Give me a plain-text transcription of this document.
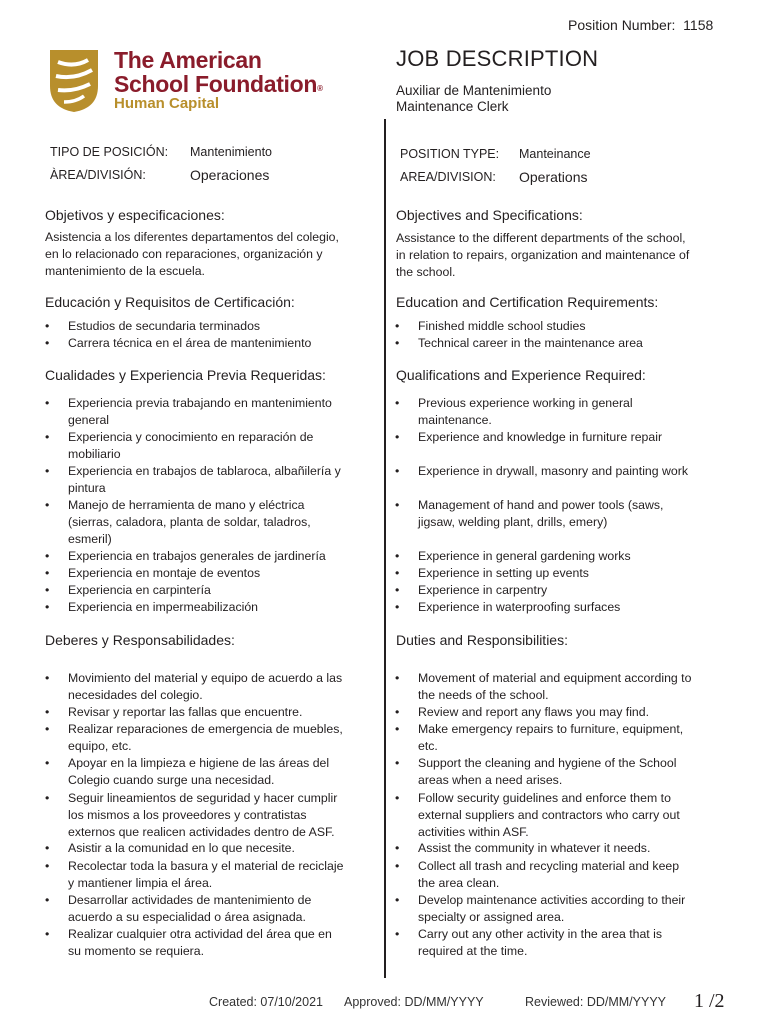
Position Number:  1158
The American
School Foundation®
Human Capital
JOB DESCRIPTION
Auxiliar de Mantenimiento
Maintenance Clerk
TIPO DE POSICIÓN: Mantenimiento
ÀREA/DIVISIÓN:	Operaciones
Objetivos y especificaciones:
Asistencia a los diferentes departamentos del colegio,
en lo relacionado con reparaciones, organización y
mantenimiento de la escuela.
Educación y Requisitos de Certificación:
• Estudios de secundaria terminados
• Carrera técnica en el área de mantenimiento
Cualidades y Experiencia Previa Requeridas:
• Experiencia previa trabajando en mantenimiento
general
• Experiencia y conocimiento en reparación de
mobiliario
• Experiencia en trabajos de tablaroca, albañilería y
pintura
• Manejo de herramienta de mano y eléctrica
(sierras, caladora, planta de soldar, taladros,
esmeril)
• Experiencia en trabajos generales de jardinería
• Experiencia en montaje de eventos
• Experiencia en carpintería
• Experiencia en impermeabilización
Deberes y Responsabilidades:
• Movimiento del material y equipo de acuerdo a las
necesidades del colegio.
• Revisar y reportar las fallas que encuentre.
• Realizar reparaciones de emergencia de muebles,
equipo, etc.
• Apoyar en la limpieza e higiene de las áreas del
Colegio cuando surge una necesidad.
• Seguir lineamientos de seguridad y hacer cumplir
los mismos a los proveedores y contratistas
externos que realicen actividades dentro de ASF.
• Asistir a la comunidad en lo que necesite.
• Recolectar toda la basura y el material de reciclaje
y mantiener limpia el área.
• Desarrollar actividades de mantenimiento de
acuerdo a su especialidad o área asignada.
• Realizar cualquier otra actividad del área que en
su momento se requiera.
POSITION TYPE: Manteinance
AREA/DIVISION: Operations
Objectives and Specifications:
Assistance to the different departments of the school,
in relation to repairs, organization and maintenance of
the school.
Education and Certification Requirements:
• Finished middle school studies
• Technical career in the maintenance area
Qualifications and Experience Required:
• Previous experience working in general
maintenance.
• Experience and knowledge in furniture repair
• Experience in drywall, masonry and painting work
• Management of hand and power tools (saws,
jigsaw, welding plant, drills, emery)
• Experience in general gardening works
• Experience in setting up events
• Experience in carpentry
• Experience in waterproofing surfaces
Duties and Responsibilities:
• Movement of material and equipment according to
the needs of the school.
• Review and report any flaws you may find.
• Make emergency repairs to furniture, equipment,
etc.
• Support the cleaning and hygiene of the School
areas when a need arises.
• Follow security guidelines and enforce them to
external suppliers and contractors who carry out
activities within ASF.
• Assist the community in whatever it needs.
• Collect all trash and recycling material and keep
the area clean.
• Develop maintenance activities according to their
specialty or assigned area.
• Carry out any other activity in the area that is
required at the time.
Created: 07/10/2021 Approved: DD/MM/YYYY	Reviewed: DD/MM/YYYY 1 /2
